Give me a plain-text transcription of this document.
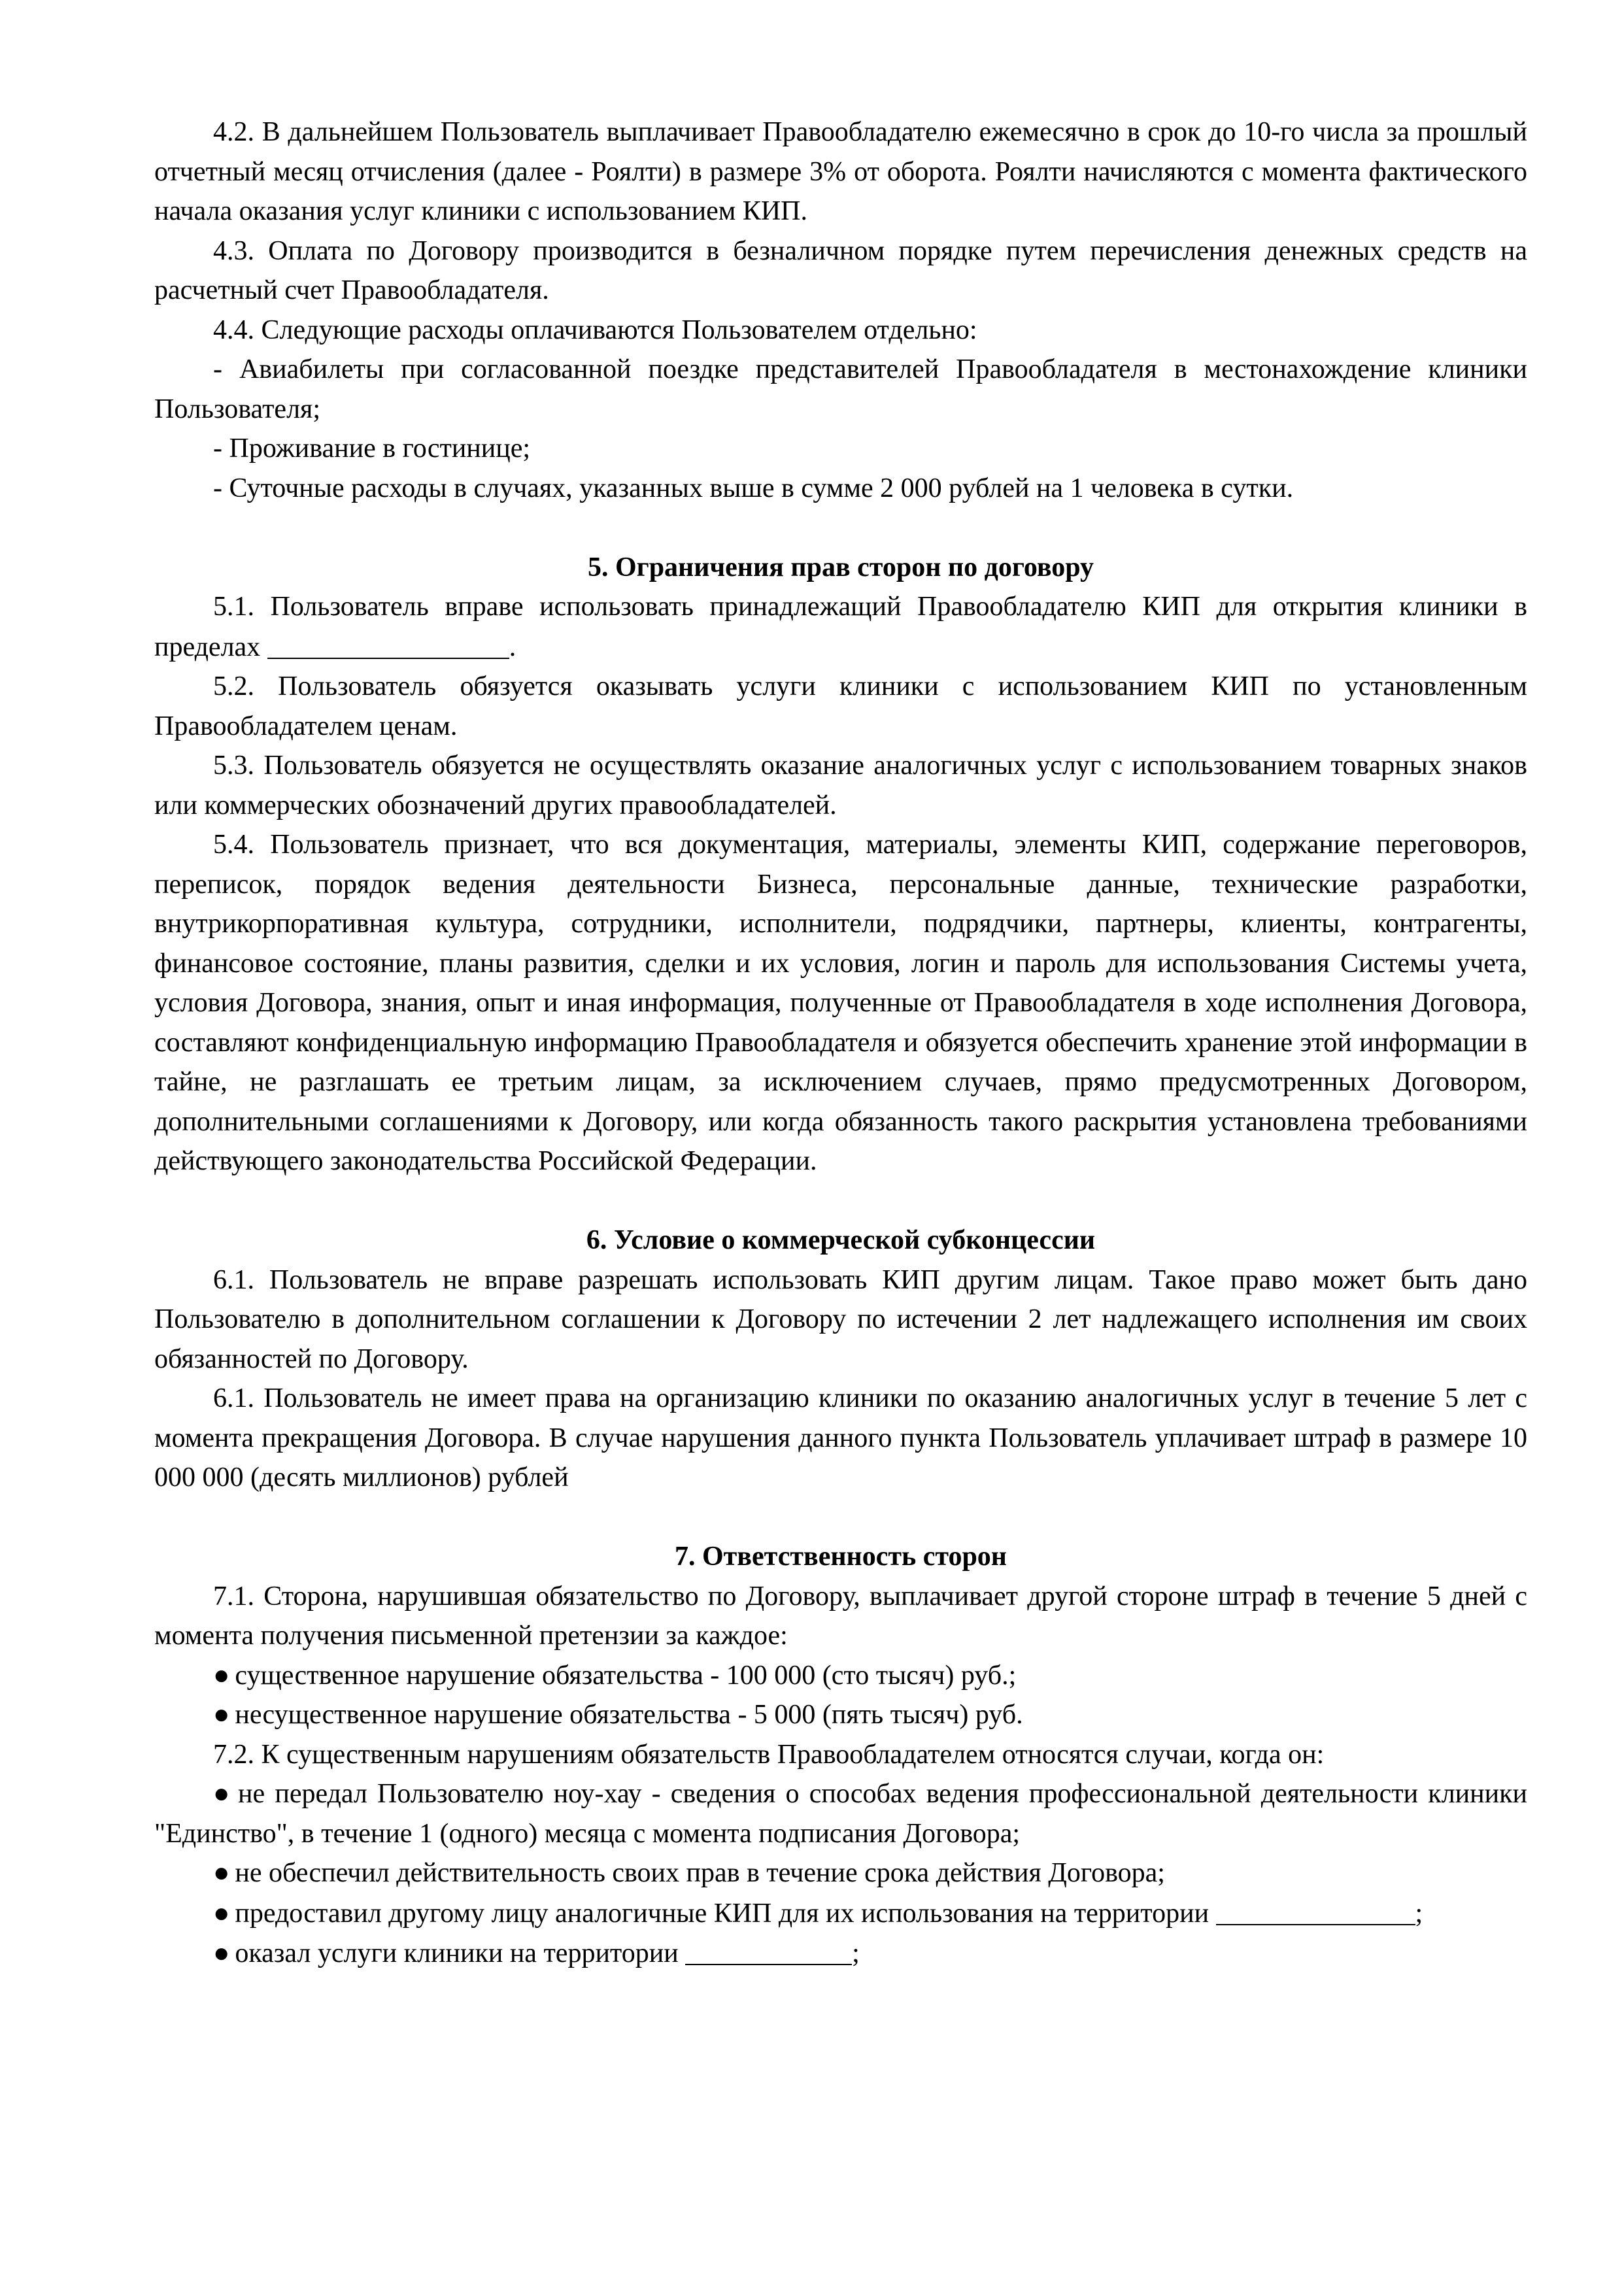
4.2. В дальнейшем Пользователь выплачивает Правообладателю ежемесячно в срок до 10-го числа за прошлый отчетный месяц отчисления (далее - Роялти) в размере 3% от оборота. Роялти начисляются с момента фактического начала оказания услуг клиники с использованием КИП.

4.3. Оплата по Договору производится в безналичном порядке путем перечисления денежных средств на расчетный счет Правообладателя.

4.4. Следующие расходы оплачиваются Пользователем отдельно:

- Авиабилеты при согласованной поездке представителей Правообладателя в местонахождение клиники Пользователя;

- Проживание в гостинице;

- Суточные расходы в случаях, указанных выше в сумме 2 000 рублей на 1 человека в сутки.

5. Ограничения прав сторон по договору

5.1. Пользователь вправе использовать принадлежащий Правообладателю КИП для открытия клиники в пределах	.

5.2. Пользователь обязуется оказывать услуги клиники с использованием КИП по установленным Правообладателем ценам.

5.3. Пользователь обязуется не осуществлять оказание аналогичных услуг с использованием товарных знаков или коммерческих обозначений других правообладателей.

5.4. Пользователь признает, что вся документация, материалы, элементы КИП, содержание переговоров, переписок, порядок ведения деятельности Бизнеса, персональные данные, технические разработки, внутрикорпоративная культура, сотрудники, исполнители, подрядчики, партнеры, клиенты, контрагенты, финансовое состояние, планы развития, сделки и их условия, логин и пароль для использования Системы учета, условия Договора, знания, опыт и иная информация, полученные от Правообладателя в ходе исполнения Договора, составляют конфиденциальную информацию Правообладателя и обязуется обеспечить хранение этой информации в тайне, не разглашать ее третьим лицам, за исключением случаев, прямо предусмотренных Договором, дополнительными соглашениями к Договору, или когда обязанность такого раскрытия установлена требованиями действующего законодательства Российской Федерации.

6. Условие о коммерческой субконцессии

6.1. Пользователь не вправе разрешать использовать КИП другим лицам. Такое право может быть дано Пользователю в дополнительном соглашении к Договору по истечении 2 лет надлежащего исполнения им своих обязанностей по Договору.

6.1. Пользователь не имеет права на организацию клиники по оказанию аналогичных услуг в течение 5 лет с момента прекращения Договора. В случае нарушения данного пункта Пользователь уплачивает штраф в размере 10 000 000 (десять миллионов) рублей

7. Ответственность сторон

7.1. Сторона, нарушившая обязательство по Договору, выплачивает другой стороне штраф в течение 5 дней с момента получения письменной претензии за каждое:

● существенное нарушение обязательства - 100 000 (сто тысяч) руб.;

● несущественное нарушение обязательства - 5 000 (пять тысяч) руб.

7.2. К существенным нарушениям обязательств Правообладателем относятся случаи, когда он:

● не передал Пользователю ноу-хау - сведения о способах ведения профессиональной деятельности клиники "Единство", в течение 1 (одного) месяца с момента подписания Договора;

● не обеспечил действительность своих прав в течение срока действия Договора;

● предоставил другому лицу аналогичные КИП для их использования на территории	;

● оказал услуги клиники на территории	;
